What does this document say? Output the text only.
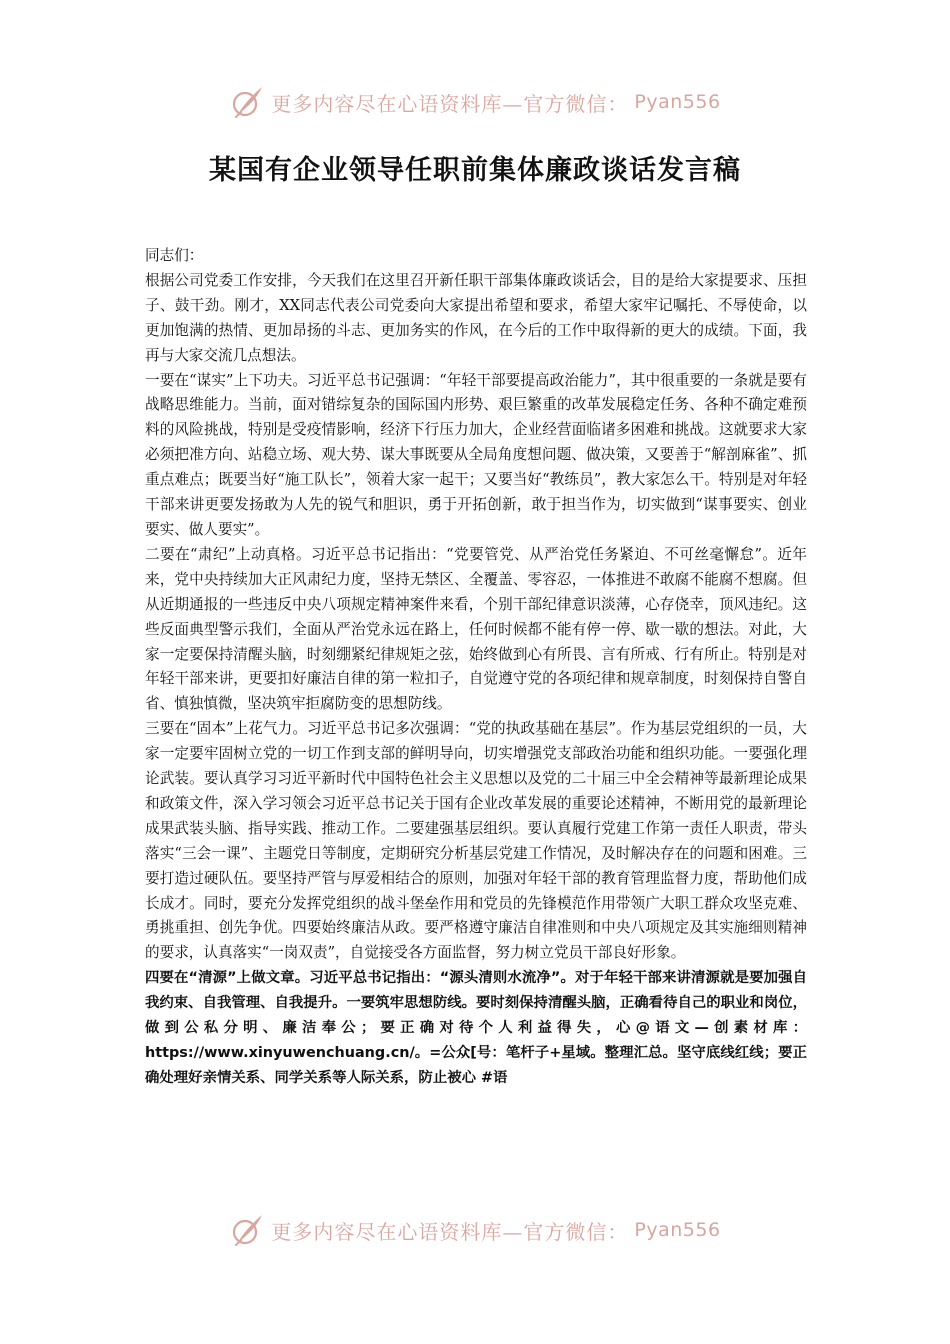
更多内容尽在心语资料库—官方微信： Pyan556
某国有企业领导任职前集体廉政谈话发言稿

同志们：

根据公司党委工作安排，今天我们在这里召开新任职干部集体廉政谈话会，目的是给大家提要求、压担子、鼓干劲。刚才，XX同志代表公司党委向大家提出希望和要求，希望大家牢记嘱托、不辱使命，以更加饱满的热情、更加昂扬的斗志、更加务实的作风，在今后的工作中取得新的更大的成绩。下面，我再与大家交流几点想法。

一要在“谋实”上下功夫。习近平总书记强调：“年轻干部要提高政治能力”，其中很重要的一条就是要有战略思维能力。当前，面对错综复杂的国际国内形势、艰巨繁重的改革发展稳定任务、各种不确定难预料的风险挑战，特别是受疫情影响，经济下行压力加大，企业经营面临诸多困难和挑战。这就要求大家必须把准方向、站稳立场、观大势、谋大事既要从全局角度想问题、做决策，又要善于“解剖麻雀”、抓重点难点；既要当好“施工队长”，领着大家一起干；又要当好“教练员”，教大家怎么干。特别是对年轻干部来讲更要发扬敢为人先的锐气和胆识，勇于开拓创新，敢于担当作为，切实做到“谋事要实、创业要实、做人要实”。

二要在“肃纪”上动真格。习近平总书记指出：“党要管党、从严治党任务紧迫、不可丝毫懈怠”。近年来，党中央持续加大正风肃纪力度，坚持无禁区、全覆盖、零容忍，一体推进不敢腐不能腐不想腐。但从近期通报的一些违反中央八项规定精神案件来看，个别干部纪律意识淡薄，心存侥幸，顶风违纪。这些反面典型警示我们，全面从严治党永远在路上，任何时候都不能有停一停、歇一歇的想法。对此，大家一定要保持清醒头脑，时刻绷紧纪律规矩之弦，始终做到心有所畏、言有所戒、行有所止。特别是对年轻干部来讲，更要扣好廉洁自律的第一粒扣子，自觉遵守党的各项纪律和规章制度，时刻保持自警自省、慎独慎微，坚决筑牢拒腐防变的思想防线。

三要在“固本”上花气力。习近平总书记多次强调：“党的执政基础在基层”。作为基层党组织的一员，大家一定要牢固树立党的一切工作到支部的鲜明导向，切实增强党支部政治功能和组织功能。一要强化理论武装。要认真学习习近平新时代中国特色社会主义思想以及党的二十届三中全会精神等最新理论成果和政策文件，深入学习领会习近平总书记关于国有企业改革发展的重要论述精神，不断用党的最新理论成果武装头脑、指导实践、推动工作。二要建强基层组织。要认真履行党建工作第一责任人职责，带头落实“三会一课”、主题党日等制度，定期研究分析基层党建工作情况，及时解决存在的问题和困难。三要打造过硬队伍。要坚持严管与厚爱相结合的原则，加强对年轻干部的教育管理监督力度，帮助他们成长成才。同时，要充分发挥党组织的战斗堡垒作用和党员的先锋模范作用带领广大职工群众攻坚克难、勇挑重担、创先争优。四要始终廉洁从政。要严格遵守廉洁自律准则和中央八项规定及其实施细则精神的要求，认真落实“一岗双责”，自觉接受各方面监督，努力树立党员干部良好形象。

四要在“清源”上做文章。习近平总书记指出：“源头清则水流净”。对于年轻干部来讲清源就是要加强自我约束、自我管理、自我提升。一要筑牢思想防线。要时刻保持清醒头脑，正确看待自己的职业和岗位，做到公私分明、廉洁奉公；要正确对待个人利益得失，心@语文—创素材库：https://www.xinyuwenchuang.cn/。=公众[号：笔杆子+星域。整理汇总。坚守底线红线；要正确处理好亲情关系、同学关系等人际关系，防止被心 #语

更多内容尽在心语资料库—官方微信： Pyan556
